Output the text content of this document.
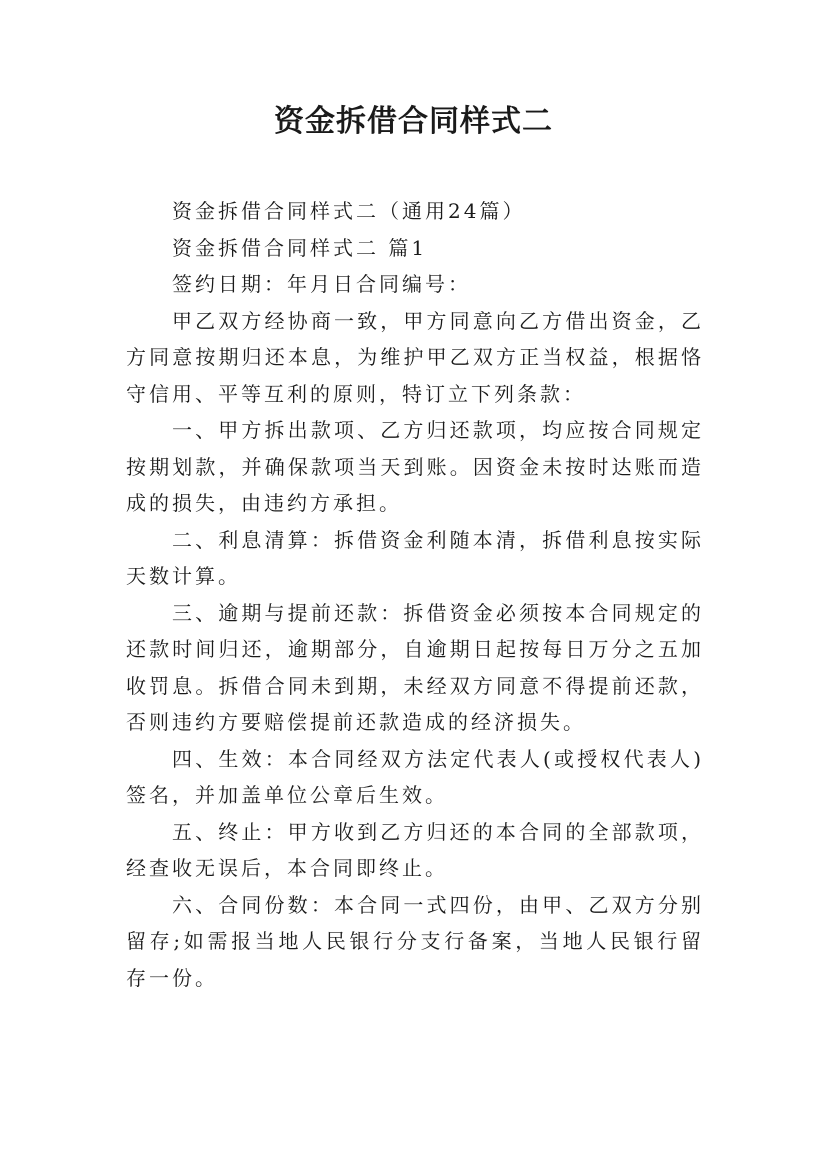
资金拆借合同样式二

资金拆借合同样式二（通用24篇）

资金拆借合同样式二 篇1

签约日期：年月日合同编号：

甲乙双方经协商一致，甲方同意向乙方借出资金，乙方同意按期归还本息，为维护甲乙双方正当权益，根据恪守信用、平等互利的原则，特订立下列条款：

一、甲方拆出款项、乙方归还款项，均应按合同规定按期划款，并确保款项当天到账。因资金未按时达账而造成的损失，由违约方承担。

二、利息清算：拆借资金利随本清，拆借利息按实际天数计算。

三、逾期与提前还款：拆借资金必须按本合同规定的还款时间归还，逾期部分，自逾期日起按每日万分之五加收罚息。拆借合同未到期，未经双方同意不得提前还款，否则违约方要赔偿提前还款造成的经济损失。

四、生效：本合同经双方法定代表人(或授权代表人)签名，并加盖单位公章后生效。

五、终止：甲方收到乙方归还的本合同的全部款项，经查收无误后，本合同即终止。

六、合同份数：本合同一式四份，由甲、乙双方分别留存;如需报当地人民银行分支行备案，当地人民银行留存一份。
